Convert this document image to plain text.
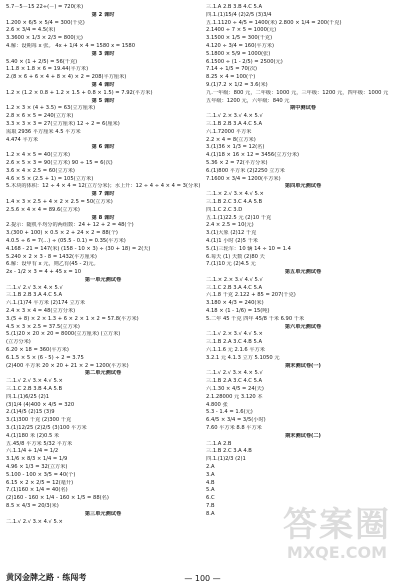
5.7－5－15 22÷(－) = 720(米)
第 2 课时
1.200 × 6/5 × 5/4 = 300(千克)
2.6 × 3/4 = 4.5(米)
3.3600 × 1/3 × 2/3 = 800(元)
4.解：设期每 x 张。 4x + 1/4 × 4 = 1580 x = 1580
第 3 课时
5.40 × (1 + 2/5) = 56(千克)
1.1.8 × 1.8 × 6 = 19.44(平方米)
2.(8 × 6 + 6 × 4 + 8 × 4) × 2 = 208(平方厘米)
第 4 课时
1.2 × (1.2 × 0.8 + 1.2 × 1.5 + 0.8 × 1.5) = 7.92(平方米)
第 5 课时
1.2 × 3 × (4 + 3.5) = 63(立方厘米)
2.8 × 6 × 5 = 240(立方米)
3.3 × 3 × 3 = 27(立方厘米) 12 ÷ 2 = 6(厘米)
需取 2936 平方厘米 4.5 平方米
4.474 平方米
第 6 课时
1.2 × 4 × 5 = 40(立方米)
2.6 × 5 × 3 = 90(立方米) 90 ÷ 15 = 6(次)
3.6 × 4 × 2.5 = 60(立方米)
4.6 × 5 × (2.5 + 1) = 105(立方米)
5.木块的体积：12 ÷ 4 × 4 = 12(立方分米)；水上升：12 ÷ 4 ÷ 4 × 4 = 3(分米)
第 7 课时
1.4 × 3 × 2.5 + 4 × 2 × 2.5 = 50(立方米)
2.5.6 × 4 × 4 = 89.6(立方米)
第 8 课时
2.提示：随机平均分的两组数：24 + 12 + 2 = 48(个)
3.(300 + 100) × 0.5 × 2 + 24 × 2 = 88(个)
4.0.5 ÷ 6 = 7(…) ÷ (05.5 - 0.1) = 0.35(平方米)
4.168 - 21 = 147(米) (158 - 10 × 3) ÷ (30 + 18) = 2(天)
5.240 × 2 × 3 - 8 = 1432(平方厘米)
6.解：设甲有 x 元，则乙有(45 - 2)元。
2x - 1/2 × 3 = 4 + 45 x = 10
第一单元测试卷
二.1.√ 2.√ 3.× 4.× 5.√
三.1.B 2.B 3.A 4.C 5.A
六.1.(1)74 平方米 (2)174 立方米
2.4 × 3 × 4 = 48(立方分米)
3.(5 + 8) × 2 × 1.3 + 6 × 2 × 1 × 2 = 57.8(平方米)
4.5 × 3 × 2.5 = 37.5(立方米)
5.(1)20 × 20 × 20 = 8000(立方厘米) (立方米)
(立方分米)
6.20 × 18 = 360(平方米)
6.1.5 × 5 × (6 - 5) ÷ 2 = 3.75
(2)400 平方米 20 × 20 + 21 × 2 = 1200(平方米)
第二单元测试卷
二.1.√ 2.√ 3.× 4.√ 5.×
三.1.C 2.B 3.B 4.A 5.B
四.1.(1)6/25 (2)1
(3)1/4 (4)400 × 4/5 = 320
2.(1)4/5 (2)15 (3)9
3.(1)300 千克 (2)300 千克
3.(1)12/25 (2)2/5 (3)100 平方米
4.(1)180 米 (2)0.5 米
五.45/8 平方米 5/32 平方米
六.1.1/4 + 1/4 = 1/2
3.1/6 × 8/3 × 1/4 = 1/9
4.96 × 1/3 = 32(立方米)
5.100 - 100 × 3/5 = 40(个)
6.15 × 2 × 2/5 = 12(毫升)
7.(1)160 × 1/4 = 40(名)
(2)160 - 160 × 1/4 - 160 × 1/5 = 88(名)
8.5 × 4/3 = 20/3(米)
第三单元测试卷
二.1.√ 2.√ 3.× 4.√ 5.×
三.1.A 2.B 3.B 4.C 5.A
四.1.(1)15/4 (2)2/5 (3)3/4
五.1.1120 ÷ 4/5 = 1400(米) 2.800 × 1/4 = 200(千克)
2.1400 ÷ 7 × 5 = 1000(元)
3.1500 × 1/5 = 300(千克)
4.120 ÷ 3/4 = 160(平方米)
5.1800 × 5/9 = 1000(张)
6.1500 ÷ (1 - 2/5) = 2500(元)
7.14 ÷ 1/5 = 70(次)
8.25 × 4 = 100(个)
9.(1)7.2 × 1/2 = 3.6(米)
九.一年级：800 元，二年级：1000 元，三年级：1200 元，四年级：1000 元
五年级：1200 元，六年级：840 元
期中测试卷
二.1.√ 2.× 3.√ 4.× 5.√
三.1.B 2.B 3.A 4.C 5.A
六.1.72000 平方米
2.2 × 4 = 8(立方米)
3.(1)36 × 1/3 = 12(名)
4.(1)18 × 16 × 12 = 3456(立方分米)
5.36 × 2 = 72(平方分米)
6.(1)800 平方米 (2)2250 立方米
7.1600 × 3/4 = 1200(平方米)
第四单元测试卷
二.1.× 2.√ 3.× 4.√ 5.×
三.1.B 2.C 3.C 4.A 5.B
四.1.C 2.C 3.D
五.1.(1)22.5 元 (2)10 千克
2.4 × 2.5 = 10(元)
3.(1)大象 (2)12 千克
4.(1)1 小时 (2)5 千米
5.(1)三轮车：10 辆 14 ÷ 10 = 1.4
6.每天 (1) 天数 (2)80 天
7.(1)10 元 (2)4.5 元
第五单元测试卷
二.1.× 2.× 3.√ 4.√ 5.√
三.1.C 2.B 3.A 4.C 5.A
六.1.8 千克 2.122 + 85 = 207(千克)
3.180 × 4/3 = 240(米)
4.18 × (1 - 1/6) = 15(吨)
5.二年 45 千克 四年 45/8 千米 6.90 千米
第六单元测试卷
二.1.√ 2.× 3.√ 4.√ 5.×
三.1.B 2.A 3.C 4.B 5.A
六.1.1.6 元 2.1.6 平方米
3.2.1 元 4.1.3 立方 5.1050 元
期末测试卷(一)
二.1.√ 2.√ 3.× 4.× 5.√
三.1.B 2.A 3.C 4.C 5.A
六.1.30 × 4/5 = 24(天)
2.1.28000 元 3.120 本
4.800 张
5.3 - 1.4 = 1.6(元)
6.4/5 × 3/4 = 3/5(小时)
7.60 平方米 8.8 平方米
期末测试卷(二)
二.1.A 2.B
三.1.B 2.C 3.A 4.B
四.1.(1)2/3 (2)1
2.A
3.A
4.B
5.A
6.C
7.B
8.A	答案圈
MXQE.COM
黄冈金牌之路 · 练闯考	— 100 —
